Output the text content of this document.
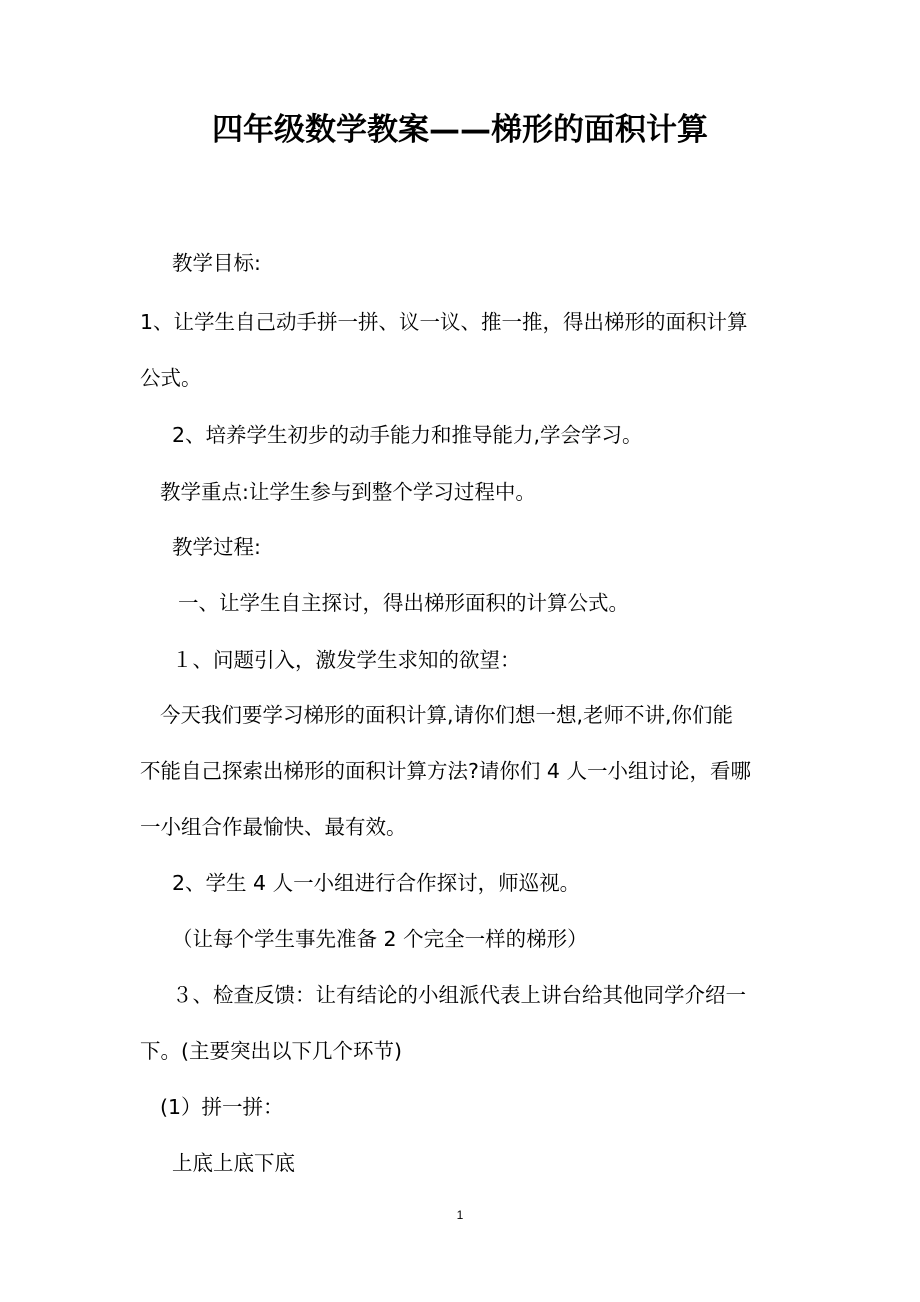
四年级数学教案——梯形的面积计算
教学目标:
1、让学生自己动手拼一拼、议一议、推一推，得出梯形的面积计算
公式。
2、培养学生初步的动手能力和推导能力,学会学习。
教学重点:让学生参与到整个学习过程中。
教学过程:
一、让学生自主探讨，得出梯形面积的计算公式。
１、问题引入，激发学生求知的欲望：
今天我们要学习梯形的面积计算,请你们想一想,老师不讲,你们能
不能自己探索出梯形的面积计算方法?请你们 4 人一小组讨论，看哪
一小组合作最愉快、最有效。
2、学生 4 人一小组进行合作探讨，师巡视。
（让每个学生事先准备 2 个完全一样的梯形）
３、检查反馈：让有结论的小组派代表上讲台给其他同学介绍一
下。(主要突出以下几个环节)
(1）拼一拼：
上底上底下底
1
